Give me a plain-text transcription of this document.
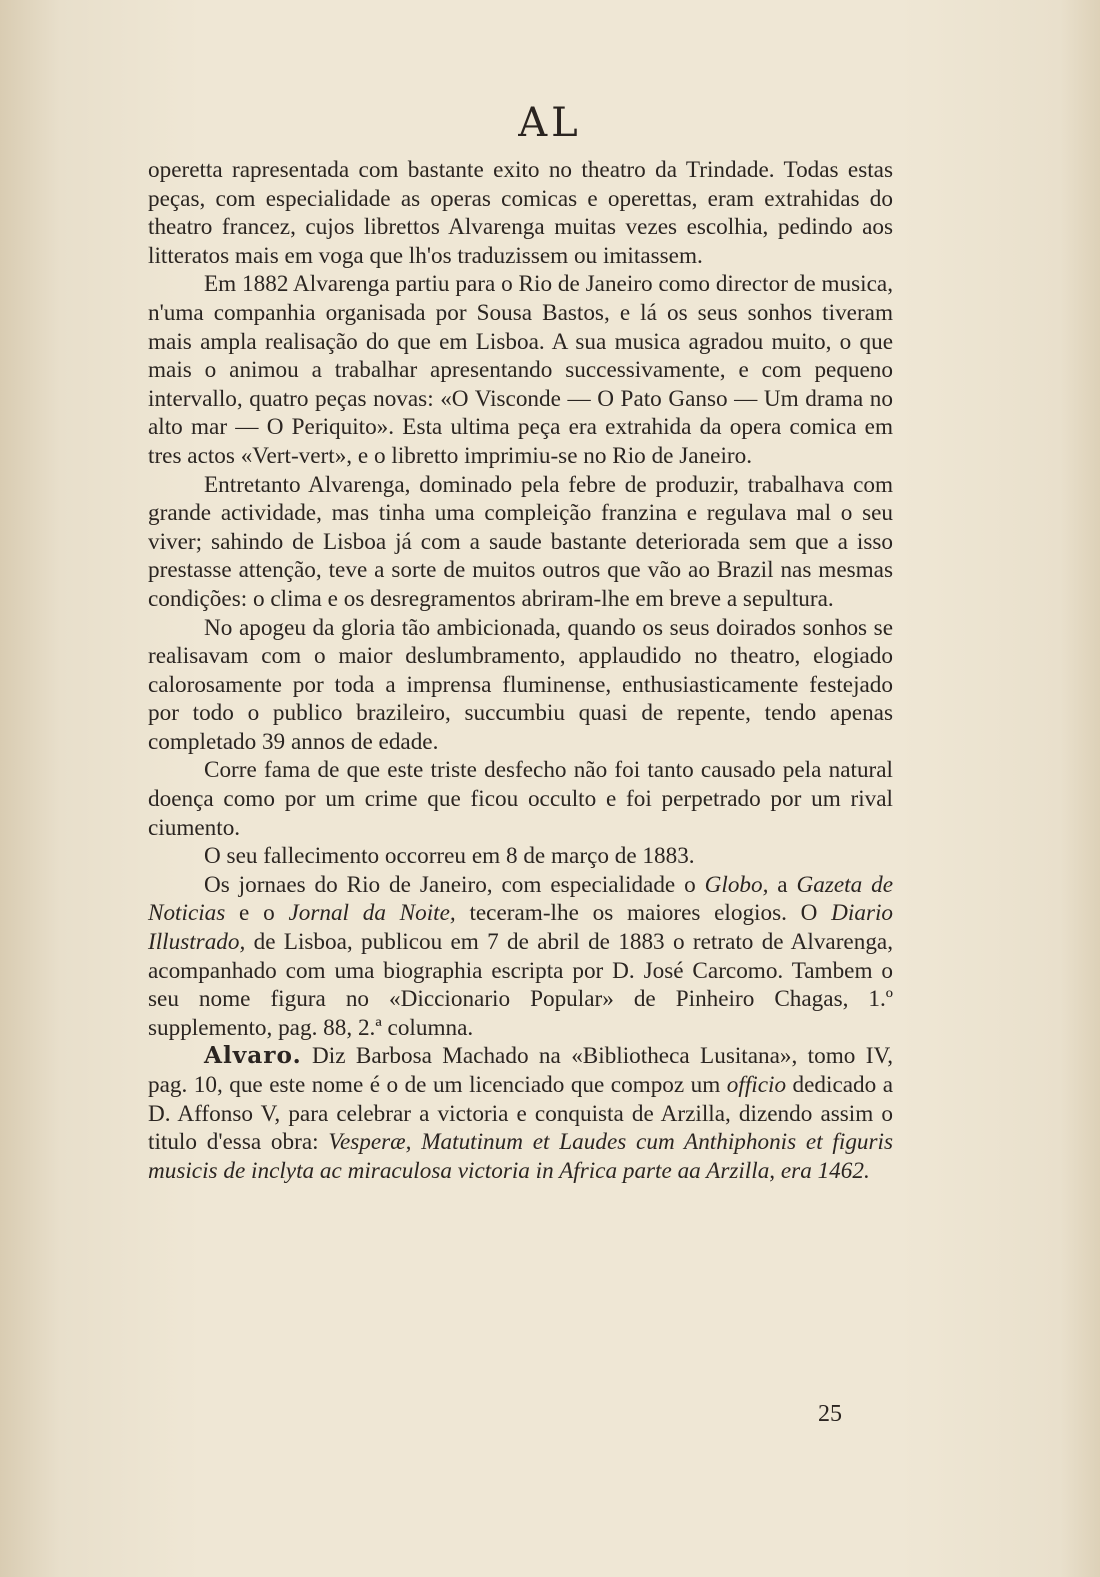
AL

operetta rapresentada com bastante exito no theatro da Trindade. Todas estas peças, com especialidade as operas comicas e operettas, eram extrahidas do theatro francez, cujos librettos Alvarenga muitas vezes escolhia, pedindo aos litteratos mais em voga que lh'os traduzissem ou imitassem.

Em 1882 Alvarenga partiu para o Rio de Janeiro como director de musica, n'uma companhia organisada por Sousa Bastos, e lá os seus sonhos tiveram mais ampla realisação do que em Lisboa. A sua musica agradou muito, o que mais o animou a trabalhar apresentando successivamente, e com pequeno intervallo, quatro peças novas: «O Visconde — O Pato Ganso — Um drama no alto mar — O Periquito». Esta ultima peça era extrahida da opera comica em tres actos «Vert-vert», e o libretto imprimiu-se no Rio de Janeiro.

Entretanto Alvarenga, dominado pela febre de produzir, trabalhava com grande actividade, mas tinha uma compleição franzina e regulava mal o seu viver; sahindo de Lisboa já com a saude bastante deteriorada sem que a isso prestasse attenção, teve a sorte de muitos outros que vão ao Brazil nas mesmas condições: o clima e os desregramentos abriram-lhe em breve a sepultura.

No apogeu da gloria tão ambicionada, quando os seus doirados sonhos se realisavam com o maior deslumbramento, applaudido no theatro, elogiado calorosamente por toda a imprensa fluminense, enthusiasticamente festejado por todo o publico brazileiro, succumbiu quasi de repente, tendo apenas completado 39 annos de edade.

Corre fama de que este triste desfecho não foi tanto causado pela natural doença como por um crime que ficou occulto e foi perpetrado por um rival ciumento.

O seu fallecimento occorreu em 8 de março de 1883.

Os jornaes do Rio de Janeiro, com especialidade o Globo, a Gazeta de Noticias e o Jornal da Noite, teceram-lhe os maiores elogios. O Diario Illustrado, de Lisboa, publicou em 7 de abril de 1883 o retrato de Alvarenga, acompanhado com uma biographia escripta por D. José Carcomo. Tambem o seu nome figura no «Diccionario Popular» de Pinheiro Chagas, 1.º supplemento, pag. 88, 2.ª columna.

Alvaro. Diz Barbosa Machado na «Bibliotheca Lusitana», tomo IV, pag. 10, que este nome é o de um licenciado que compoz um officio dedicado a D. Affonso V, para celebrar a victoria e conquista de Arzilla, dizendo assim o titulo d'essa obra: Vesperæ, Matutinum et Laudes cum Anthiphonis et figuris musicis de inclyta ac miraculosa victoria in Africa parte aa Arzilla, era 1462.

25
